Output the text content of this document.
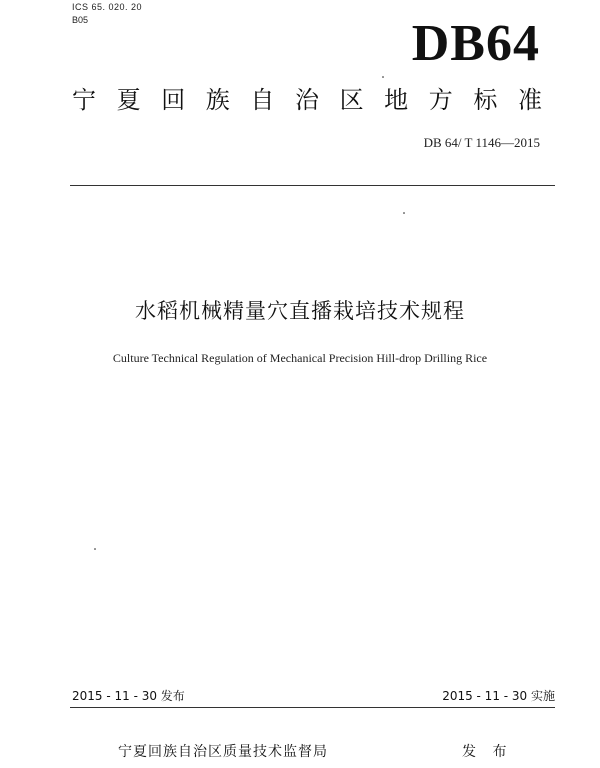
ICS 65. 020. 20
B05	DB64
宁 夏 回 族 自 治 区 地 方 标 准
DB 64/ T 1146—2015
水稻机械精量穴直播栽培技术规程
Culture Technical Regulation of Mechanical Precision Hill-drop Drilling Rice
2015 - 11 - 30 发布	2015 - 11 - 30 实施
宁夏回族自治区质量技术监督局	发 布
